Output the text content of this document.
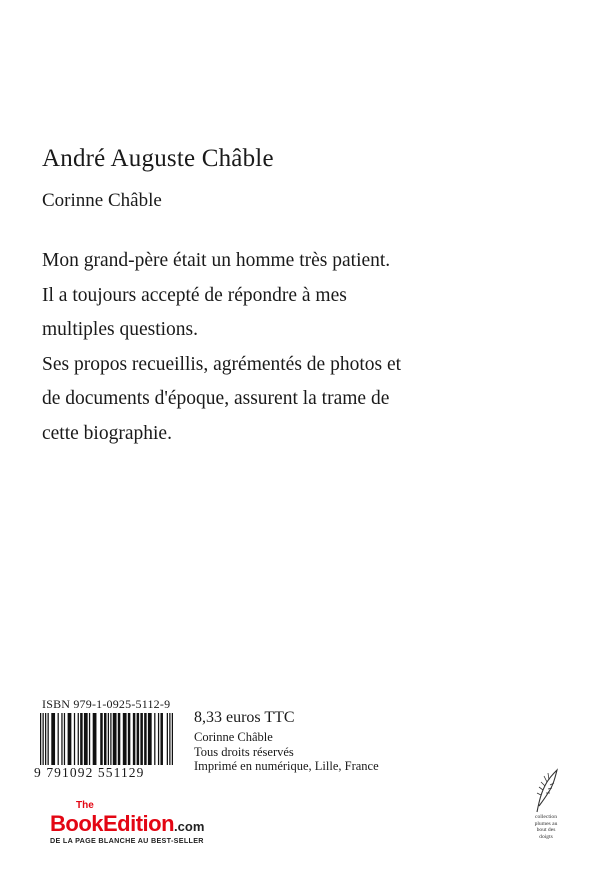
André Auguste Châble
Corinne Châble

Mon grand-père était un homme très patient.

Il a toujours accepté de répondre à mes

multiples questions.

Ses propos recueillis, agrémentés de photos et

de documents d'époque, assurent la trame de

cette biographie.

ISBN 979-1-0925-5112-9
9 791092 551129
8,33 euros TTC
Corinne Châble
Tous droits réservés
Imprimé en numérique, Lille, France
The
BookEdition.com
DE LA PAGE BLANCHE AU BEST-SELLER
collection
plumes au
bout des
doigts
